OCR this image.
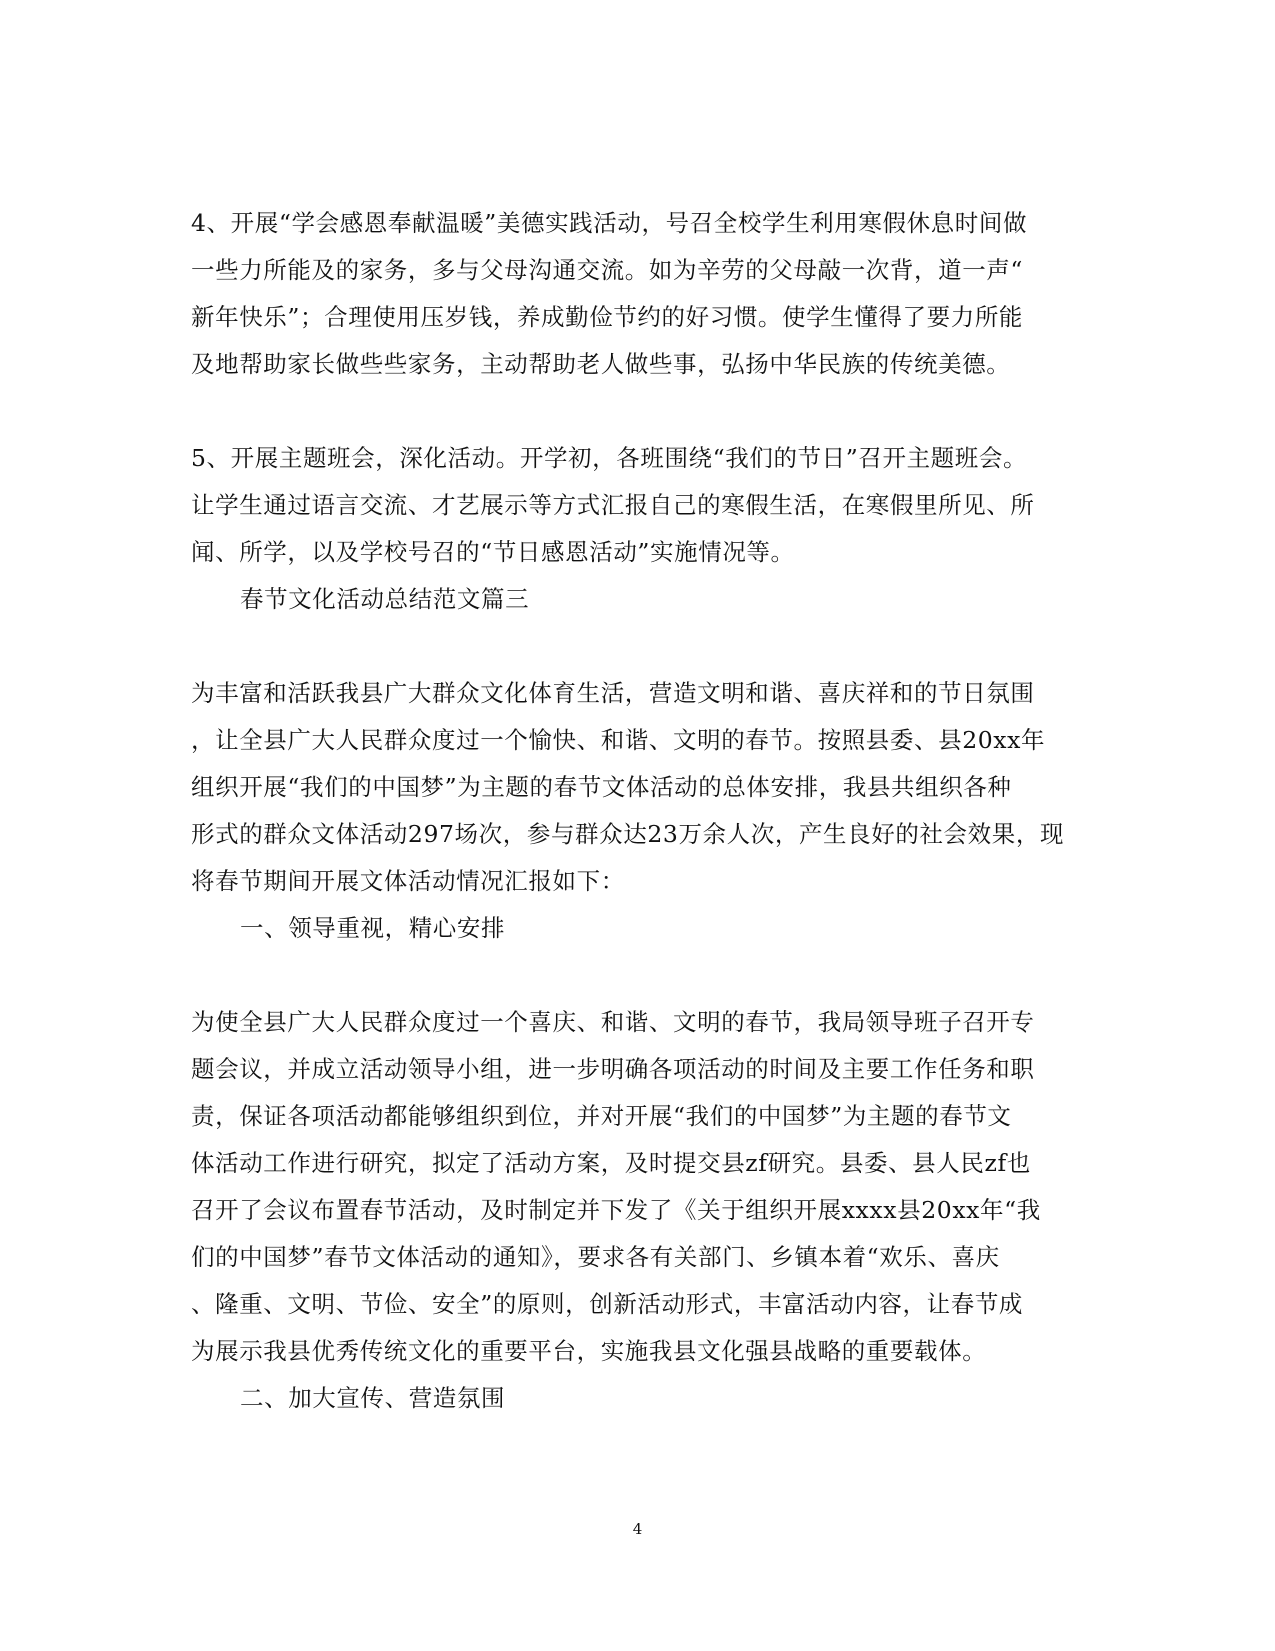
4、开展“学会感恩奉献温暖”美德实践活动，号召全校学生利用寒假休息时间做
一些力所能及的家务，多与父母沟通交流。如为辛劳的父母敲一次背，道一声“
新年快乐”；合理使用压岁钱，养成勤俭节约的好习惯。使学生懂得了要力所能
及地帮助家长做些些家务，主动帮助老人做些事，弘扬中华民族的传统美德。
5、开展主题班会，深化活动。开学初，各班围绕“我们的节日”召开主题班会。
让学生通过语言交流、才艺展示等方式汇报自己的寒假生活，在寒假里所见、所
闻、所学，以及学校号召的“节日感恩活动”实施情况等。
春节文化活动总结范文篇三
为丰富和活跃我县广大群众文化体育生活，营造文明和谐、喜庆祥和的节日氛围
，让全县广大人民群众度过一个愉快、和谐、文明的春节。按照县委、县20xx年
组织开展“我们的中国梦”为主题的春节文体活动的总体安排，我县共组织各种
形式的群众文体活动297场次，参与群众达23万余人次，产生良好的社会效果，现
将春节期间开展文体活动情况汇报如下：
一、领导重视，精心安排
为使全县广大人民群众度过一个喜庆、和谐、文明的春节，我局领导班子召开专
题会议，并成立活动领导小组，进一步明确各项活动的时间及主要工作任务和职
责，保证各项活动都能够组织到位，并对开展“我们的中国梦”为主题的春节文
体活动工作进行研究，拟定了活动方案，及时提交县zf研究。县委、县人民zf也
召开了会议布置春节活动，及时制定并下发了《关于组织开展xxxx县20xx年“我
们的中国梦”春节文体活动的通知》，要求各有关部门、乡镇本着“欢乐、喜庆
、隆重、文明、节俭、安全”的原则，创新活动形式，丰富活动内容，让春节成
为展示我县优秀传统文化的重要平台，实施我县文化强县战略的重要载体。
二、加大宣传、营造氛围
4
